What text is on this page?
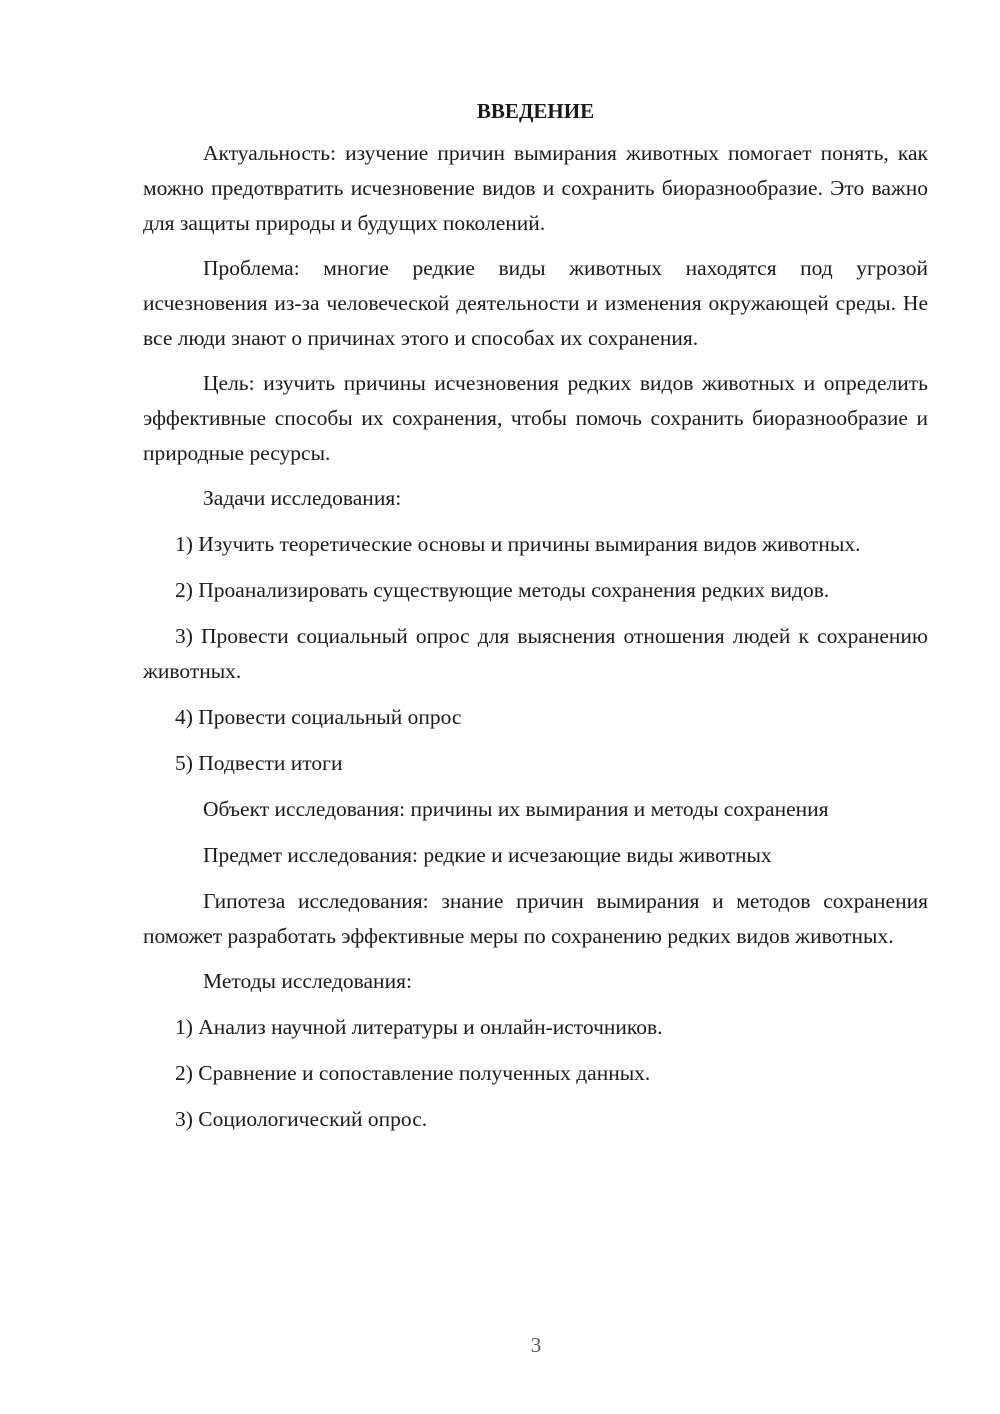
ВВЕДЕНИЕ

Актуальность: изучение причин вымирания животных помогает понять, как можно предотвратить исчезновение видов и сохранить биоразнообразие. Это важно для защиты природы и будущих поколений.

Проблема: многие редкие виды животных находятся под угрозой исчезновения из-за человеческой деятельности и изменения окружающей среды. Не все люди знают о причинах этого и способах их сохранения.

Цель: изучить причины исчезновения редких видов животных и определить эффективные способы их сохранения, чтобы помочь сохранить биоразнообразие и природные ресурсы.

Задачи исследования:

1) Изучить теоретические основы и причины вымирания видов животных.

2) Проанализировать существующие методы сохранения редких видов.

3) Провести социальный опрос для выяснения отношения людей к сохранению животных.

4) Провести социальный опрос

5) Подвести итоги

Объект исследования: причины их вымирания и методы сохранения

Предмет исследования: редкие и исчезающие виды животных

Гипотеза исследования: знание причин вымирания и методов сохранения поможет разработать эффективные меры по сохранению редких видов животных.

Методы исследования:

1) Анализ научной литературы и онлайн-источников.

2) Сравнение и сопоставление полученных данных.

3) Социологический опрос.

3
